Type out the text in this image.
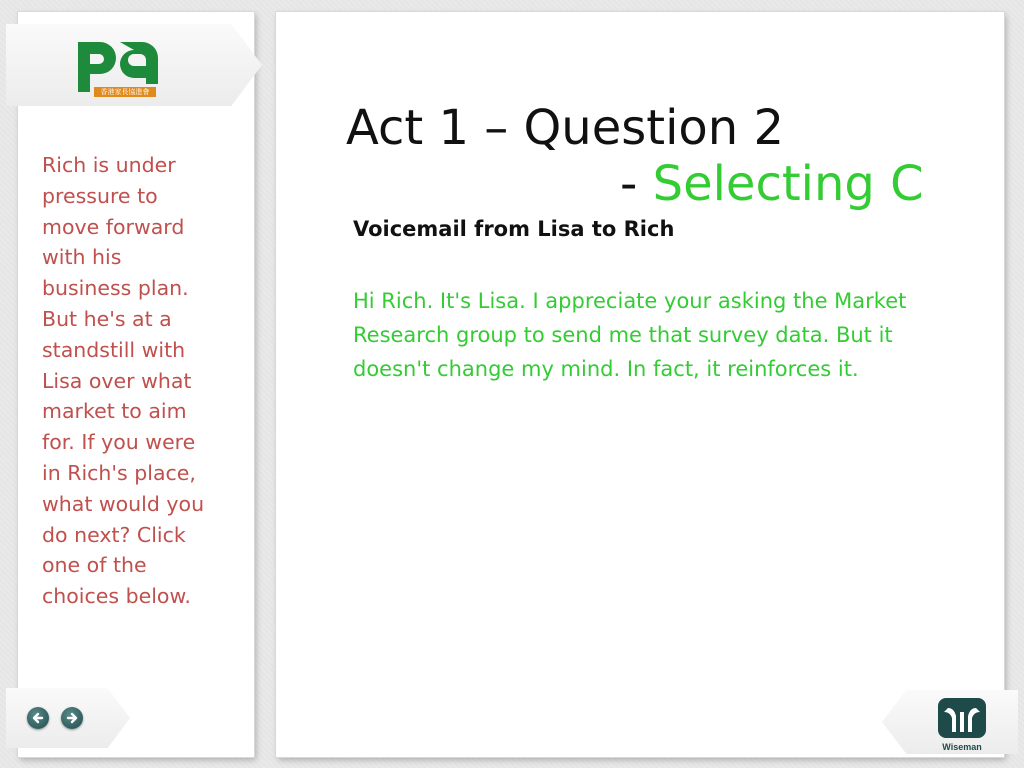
香港家長協進會
Rich is under pressure to move forward with his business plan. But he's at a standstill with Lisa over what market to aim for. If you were in Rich's place, what would you do next? Click one of the choices below.
Act 1 – Question 2
- Selecting C
Voicemail from Lisa to Rich
Hi Rich. It's Lisa. I appreciate your asking the Market Research group to send me that survey data. But it doesn't change my mind. In fact, it reinforces it.
Wiseman
